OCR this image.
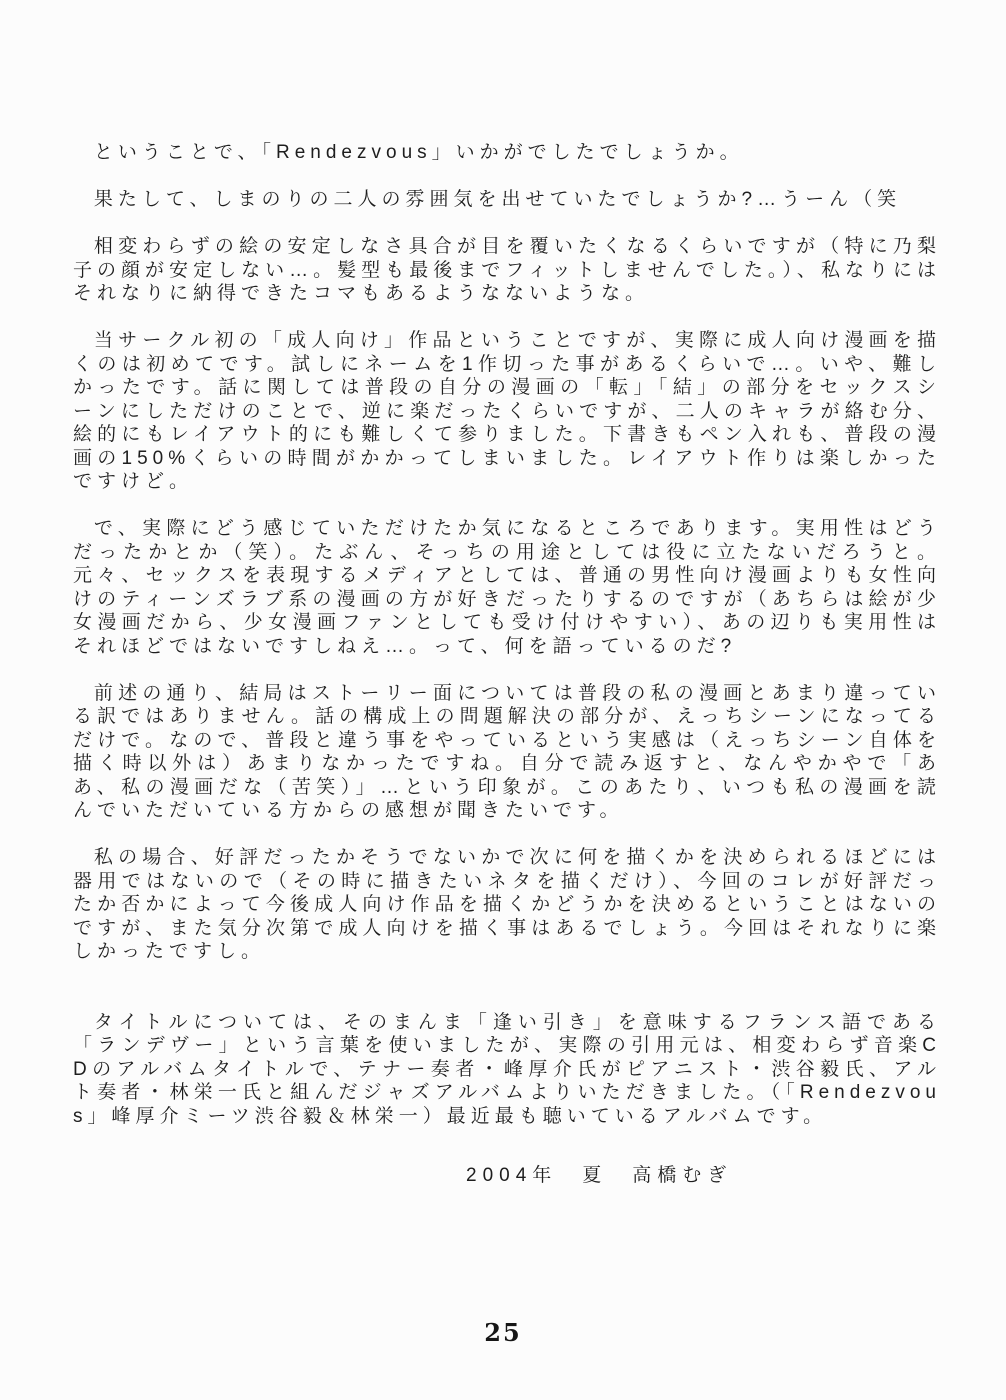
ということで、「Rendezvous」いかがでしたでしょうか。

果たして、しまのりの二人の雰囲気を出せていたでしょうか?…うーん（笑

相変わらずの絵の安定しなさ具合が目を覆いたくなるくらいですが（特に乃梨子の顔が安定しない…。髪型も最後までフィットしませんでした。）、私なりにはそれなりに納得できたコマもあるようなないような。

当サークル初の「成人向け」作品ということですが、実際に成人向け漫画を描くのは初めてです。試しにネームを1作切った事があるくらいで…。いや、難しかったです。話に関しては普段の自分の漫画の「転」「結」の部分をセックスシーンにしただけのことで、逆に楽だったくらいですが、二人のキャラが絡む分、絵的にもレイアウト的にも難しくて参りました。下書きもペン入れも、普段の漫画の150%くらいの時間がかかってしまいました。レイアウト作りは楽しかったですけど。

で、実際にどう感じていただけたか気になるところであります。実用性はどうだったかとか（笑）。たぶん、そっちの用途としては役に立たないだろうと。元々、セックスを表現するメディアとしては、普通の男性向け漫画よりも女性向けのティーンズラブ系の漫画の方が好きだったりするのですが（あちらは絵が少女漫画だから、少女漫画ファンとしても受け付けやすい）、あの辺りも実用性はそれほどではないですしねえ…。って、何を語っているのだ?

前述の通り、結局はストーリー面については普段の私の漫画とあまり違っている訳ではありません。話の構成上の問題解決の部分が、えっちシーンになってるだけで。なので、普段と違う事をやっているという実感は（えっちシーン自体を描く時以外は）あまりなかったですね。自分で読み返すと、なんやかやで「ああ、私の漫画だな（苦笑）」…という印象が。このあたり、いつも私の漫画を読んでいただいている方からの感想が聞きたいです。

私の場合、好評だったかそうでないかで次に何を描くかを決められるほどには器用ではないので（その時に描きたいネタを描くだけ）、今回のコレが好評だったか否かによって今後成人向け作品を描くかどうかを決めるということはないのですが、また気分次第で成人向けを描く事はあるでしょう。今回はそれなりに楽しかったですし。

タイトルについては、そのまんま「逢い引き」を意味するフランス語である「ランデヴー」という言葉を使いましたが、実際の引用元は、相変わらず音楽CDのアルバムタイトルで、テナー奏者・峰厚介氏がピアニスト・渋谷毅氏、アルト奏者・林栄一氏と組んだジャズアルバムよりいただきました。（「Rendezvous」峰厚介ミーツ渋谷毅＆林栄一）最近最も聴いているアルバムです。

2004年　夏　高橋むぎ
25
